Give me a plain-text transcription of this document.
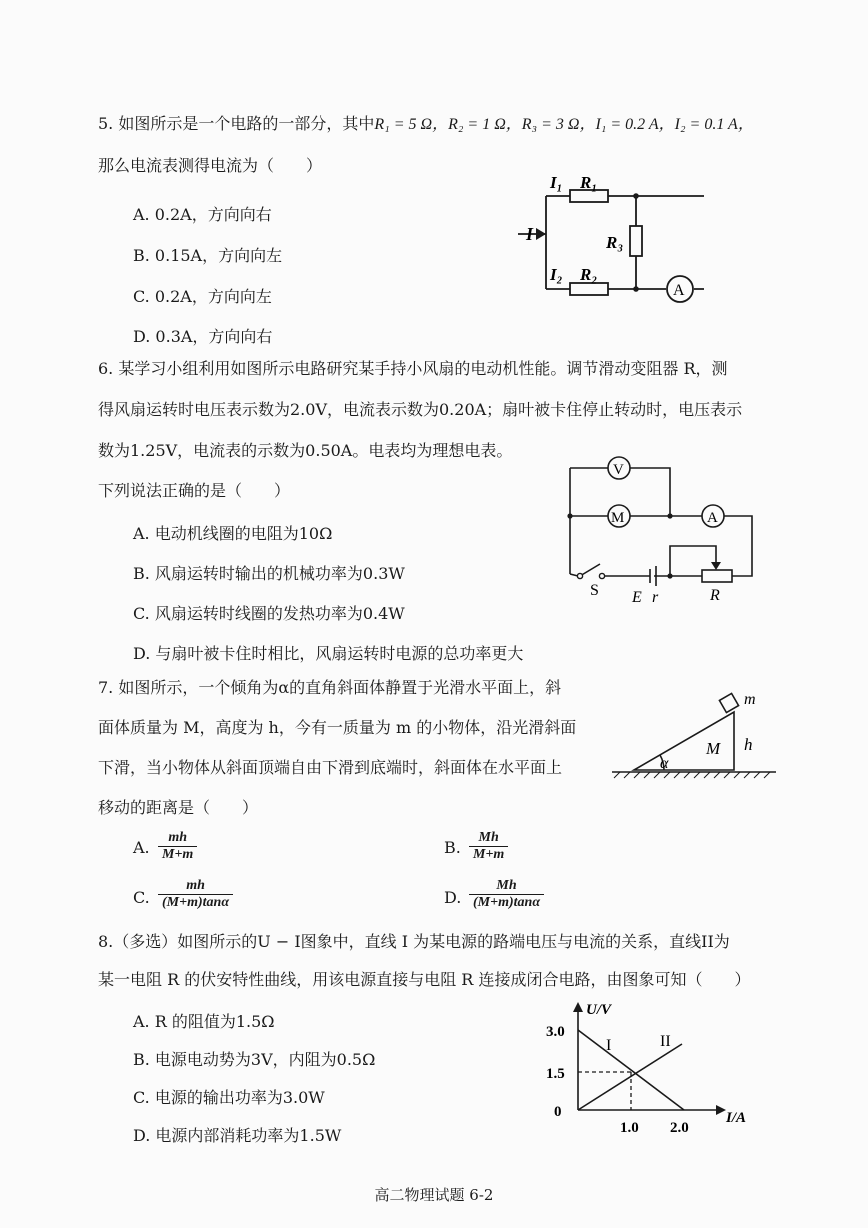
5. 如图所示是一个电路的一部分，其中R₁ = 5 Ω，R₂ = 1 Ω，R₃ = 3 Ω，I₁ = 0.2 A，I₂ = 0.1 A，
那么电流表测得电流为（　　）
A. 0.2A，方向向右
B. 0.15A，方向向左
C. 0.2A，方向向左
D. 0.3A，方向向右
I
I₁ R₁
R₃
I₂ R₂
A
6. 某学习小组利用如图所示电路研究某手持小风扇的电动机性能。调节滑动变阻器 R，测
得风扇运转时电压表示数为2.0V，电流表示数为0.20A；扇叶被卡住停止转动时，电压表示
数为1.25V，电流表的示数为0.50A。电表均为理想电表。
下列说法正确的是（　　）
A. 电动机线圈的电阻为10Ω
B. 风扇运转时输出的机械功率为0.3W
C. 风扇运转时线圈的发热功率为0.4W
D. 与扇叶被卡住时相比，风扇运转时电源的总功率更大
V
M	A
S E r	R
7. 如图所示，一个倾角为α的直角斜面体静置于光滑水平面上，斜
面体质量为 M，高度为 h，今有一质量为 m 的小物体，沿光滑斜面
下滑，当小物体从斜面顶端自由下滑到底端时，斜面体在水平面上
移动的距离是（　　）
m
M h
α
A. $\frac{mh}{M+m}$	B. $\frac{Mh}{M+m}$
C. $\frac{mh}{(M+m)\tan\alpha}$	D. $\frac{Mh}{(M+m)\tan\alpha}$
8.（多选）如图所示的U − I图象中，直线 I 为某电源的路端电压与电流的关系，直线II为
某一电阻 R 的伏安特性曲线，用该电源直接与电阻 R 连接成闭合电路，由图象可知（　　）
A. R 的阻值为1.5Ω
B. 电源电动势为3V，内阻为0.5Ω
C. 电源的输出功率为3.0W
D. 电源内部消耗功率为1.5W
U/V
I/A
3.0
1.5
0
1.0 2.0
I	II
高二物理试题 6-2
